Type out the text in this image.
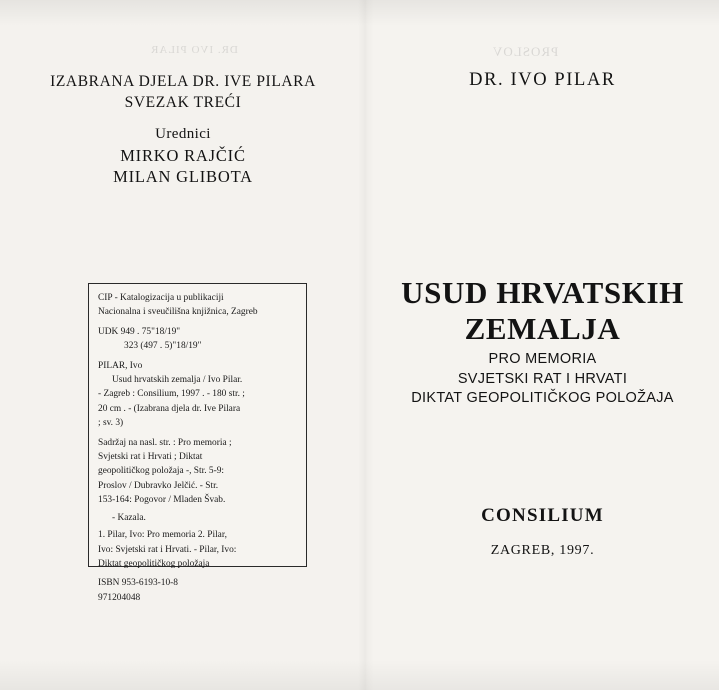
DR. IVO PILAR	PROSLOV
IZABRANA DJELA DR. IVE PILARA
SVEZAK TREĆI
Urednici
MIRKO RAJČIĆ
MILAN GLIBOTA

CIP - Katalogizacija u publikaciji

Nacionalna i sveučilišna knjižnica, Zagreb

UDK 949 . 75"18/19"

323 (497 . 5)"18/19"

PILAR, Ivo

Usud hrvatskih zemalja / Ivo Pilar.

- Zagreb : Consilium, 1997 . - 180 str. ;

20 cm . - (Izabrana djela dr. Ive Pilara

; sv. 3)

Sadržaj na nasl. str. : Pro memoria ;

Svjetski rat i Hrvati ; Diktat

geopolitičkog položaja -, Str. 5-9:

Proslov / Dubravko Jelčić. - Str.

153-164: Pogovor / Mladen Švab.

- Kazala.

1. Pilar, Ivo: Pro memoria 2. Pilar,

Ivo: Svjetski rat i Hrvati. - Pilar, Ivo:

Diktat geopolitičkog položaja

ISBN 953-6193-10-8

971204048

DR. IVO PILAR
USUD HRVATSKIH
ZEMALJA
PRO MEMORIA
SVJETSKI RAT I HRVATI
DIKTAT GEOPOLITIČKOG POLOŽAJA
CONSILIUM
ZAGREB, 1997.
